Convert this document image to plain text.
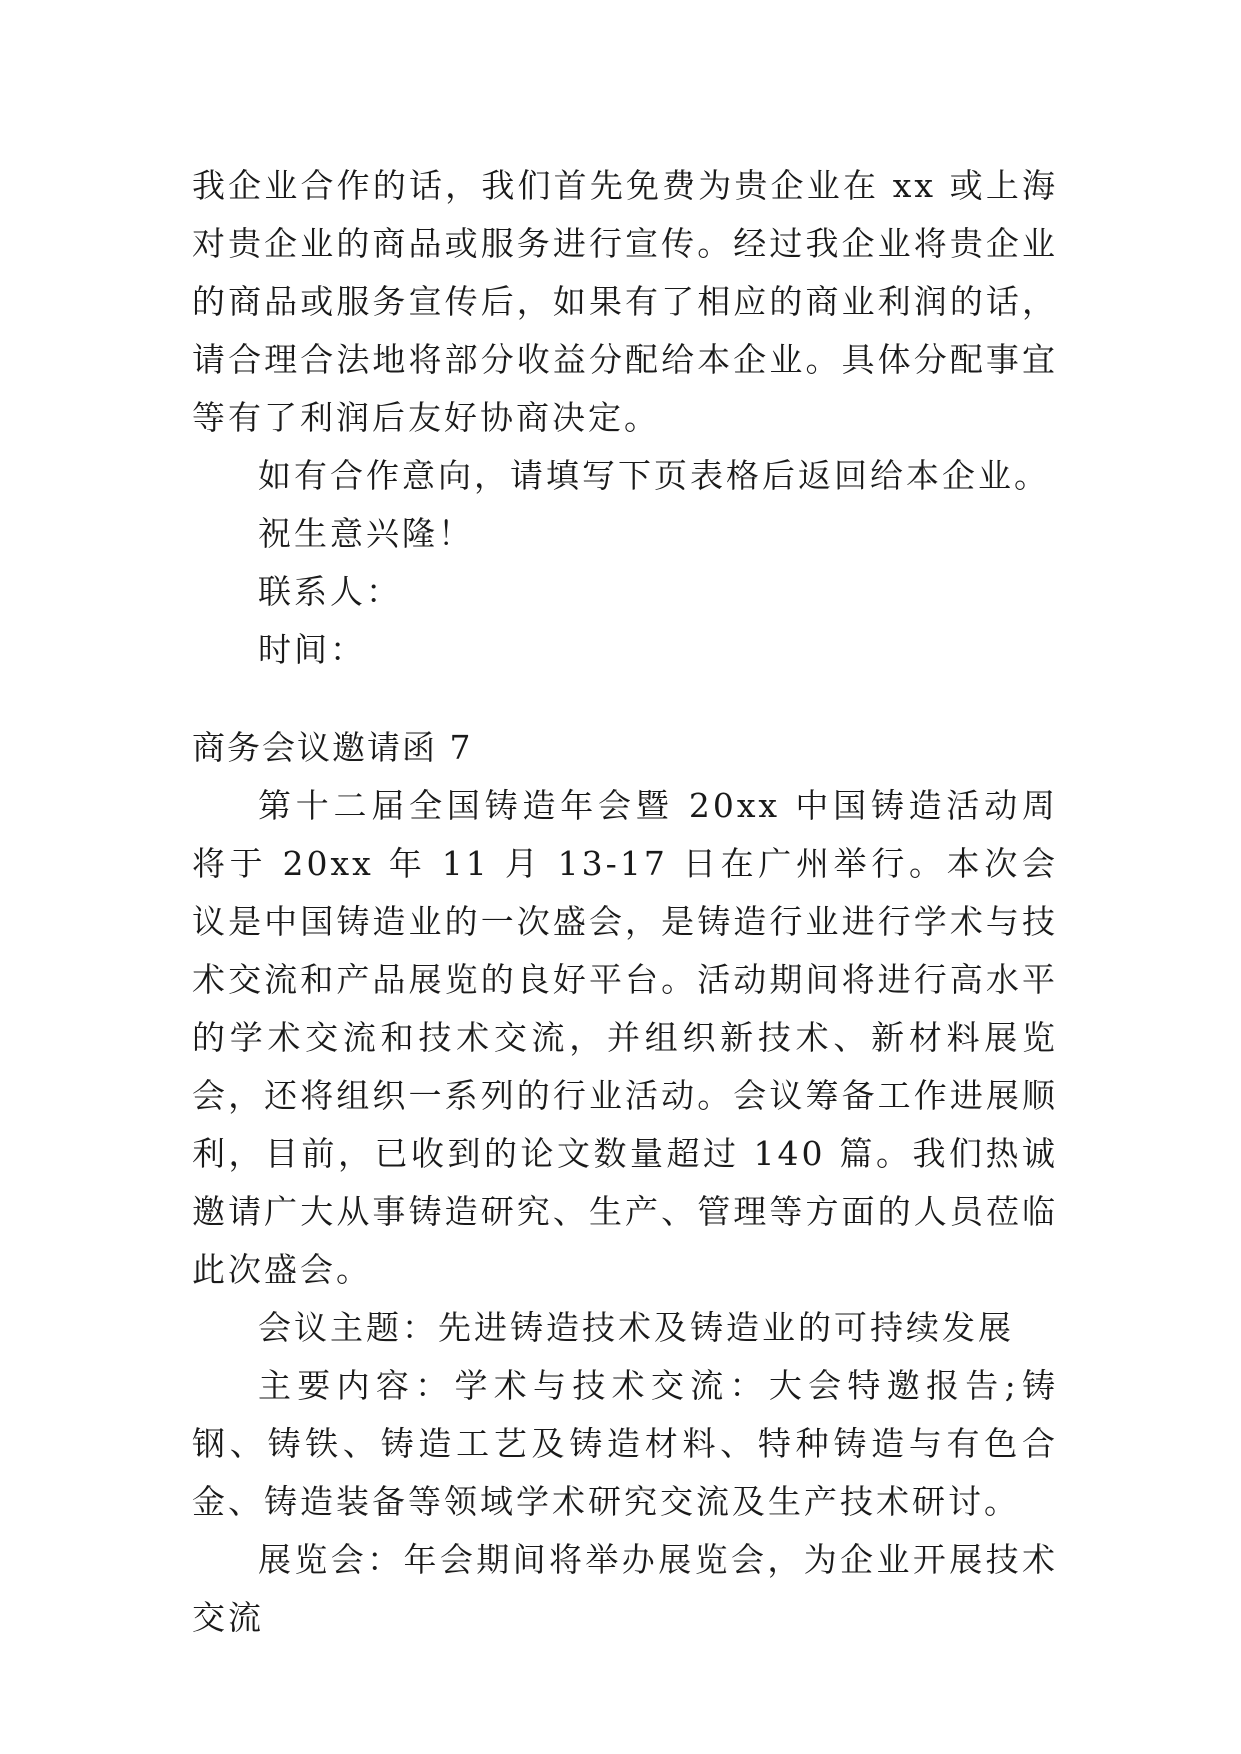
我企业合作的话，我们首先免费为贵企业在 xx 或上海对贵企业的商品或服务进行宣传。经过我企业将贵企业的商品或服务宣传后，如果有了相应的商业利润的话，请合理合法地将部分收益分配给本企业。具体分配事宜等有了利润后友好协商决定。

如有合作意向，请填写下页表格后返回给本企业。

祝生意兴隆！

联系人：

时间：

商务会议邀请函 7

第十二届全国铸造年会暨 20xx 中国铸造活动周将于 20xx 年 11 月 13-17 日在广州举行。本次会议是中国铸造业的一次盛会，是铸造行业进行学术与技术交流和产品展览的良好平台。活动期间将进行高水平的学术交流和技术交流，并组织新技术、新材料展览会，还将组织一系列的行业活动。会议筹备工作进展顺利，目前，已收到的论文数量超过 140 篇。我们热诚邀请广大从事铸造研究、生产、管理等方面的人员莅临此次盛会。

会议主题：先进铸造技术及铸造业的可持续发展

主要内容：学术与技术交流：大会特邀报告;铸钢、铸铁、铸造工艺及铸造材料、特种铸造与有色合金、铸造装备等领域学术研究交流及生产技术研讨。

展览会：年会期间将举办展览会，为企业开展技术交流
